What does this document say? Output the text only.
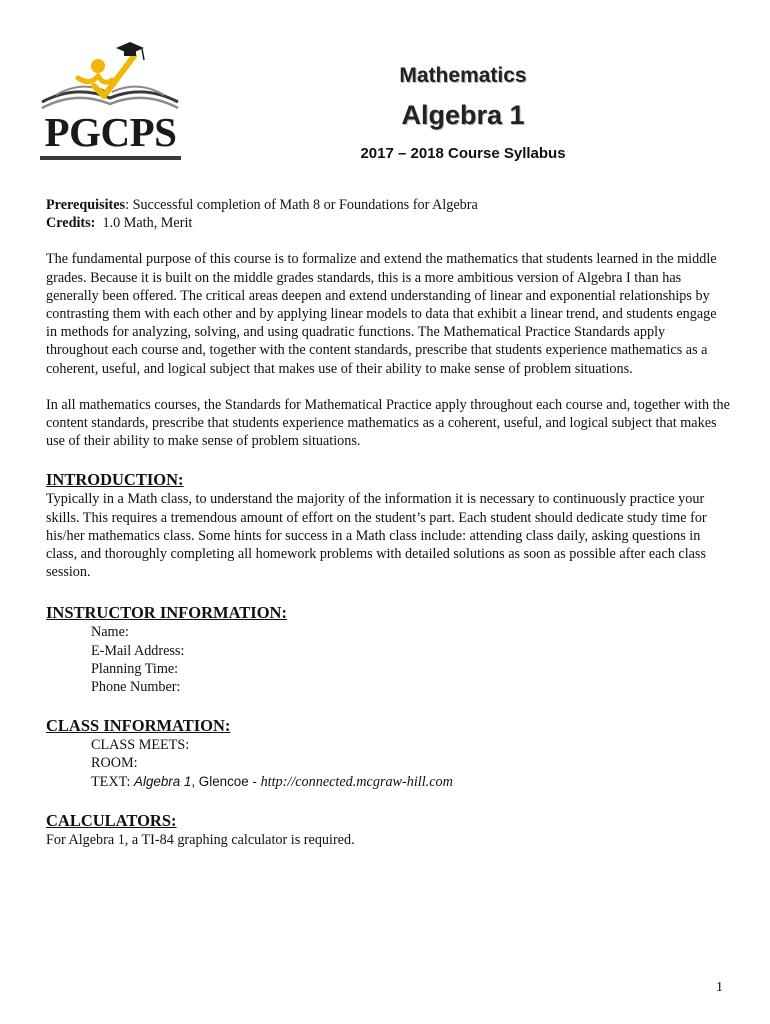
PGCPS
Mathematics
Algebra 1
2017 – 2018 Course Syllabus

Prerequisites: Successful completion of Math 8 or Foundations for Algebra

Credits:  1.0 Math, Merit

The fundamental purpose of this course is to formalize and extend the mathematics that students learned in the middle grades. Because it is built on the middle grades standards, this is a more ambitious version of Algebra I than has generally been offered. The critical areas deepen and extend understanding of linear and exponential relationships by contrasting them with each other and by applying linear models to data that exhibit a linear trend, and students engage in methods for analyzing, solving, and using quadratic functions. The Mathematical Practice Standards apply throughout each course and, together with the content standards, prescribe that students experience mathematics as a coherent, useful, and logical subject that makes use of their ability to make sense of problem situations.

In all mathematics courses, the Standards for Mathematical Practice apply throughout each course and, together with the content standards, prescribe that students experience mathematics as a coherent, useful, and logical subject that makes use of their ability to make sense of problem situations.

INTRODUCTION:

Typically in a Math class, to understand the majority of the information it is necessary to continuously practice your skills. This requires a tremendous amount of effort on the student’s part. Each student should dedicate study time for his/her mathematics class. Some hints for success in a Math class include: attending class daily, asking questions in class, and thoroughly completing all homework problems with detailed solutions as soon as possible after each class session.

INSTRUCTOR INFORMATION:

Name:

E-Mail Address:

Planning Time:

Phone Number:

CLASS INFORMATION:

CLASS MEETS:

ROOM:

TEXT: Algebra 1, Glencoe - http://connected.mcgraw-hill.com

CALCULATORS:

For Algebra 1, a TI-84 graphing calculator is required.

1
